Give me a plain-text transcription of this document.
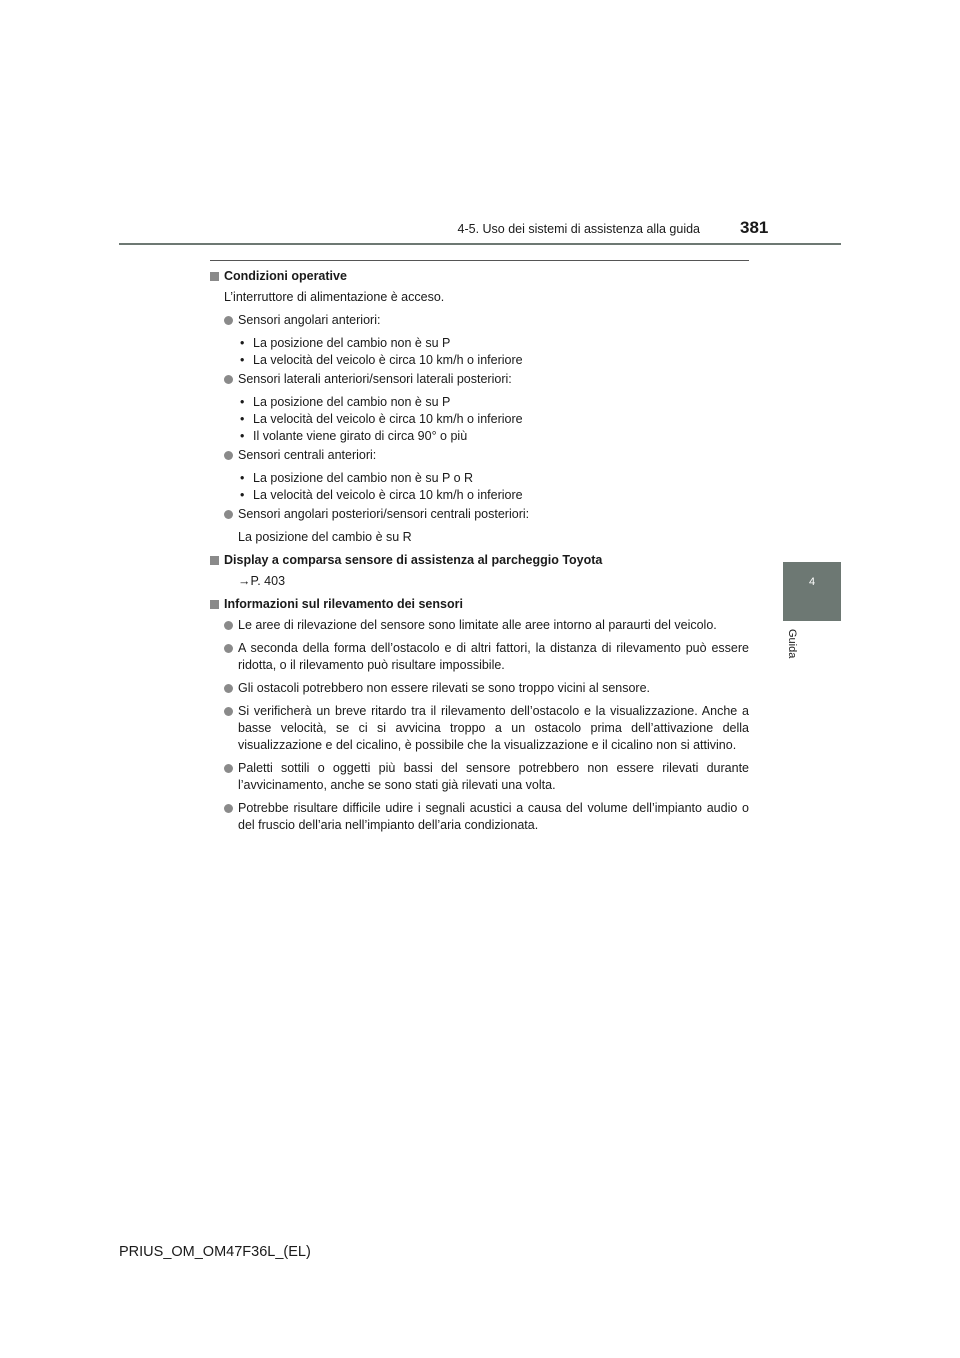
4-5. Uso dei sistemi di assistenza alla guida 381
4
Guida
Condizioni operative

L’interruttore di alimentazione è acceso.

Sensori angolari anteriori:

• La posizione del cambio non è su P

• La velocità del veicolo è circa 10 km/h o inferiore

Sensori laterali anteriori/sensori laterali posteriori:

• La posizione del cambio non è su P

• La velocità del veicolo è circa 10 km/h o inferiore

• Il volante viene girato di circa 90° o più

Sensori centrali anteriori:

• La posizione del cambio non è su P o R

• La velocità del veicolo è circa 10 km/h o inferiore

Sensori angolari posteriori/sensori centrali posteriori:

La posizione del cambio è su R

Display a comparsa sensore di assistenza al parcheggio Toyota

→P. 403

Informazioni sul rilevamento dei sensori
Le aree di rilevazione del sensore sono limitate alle aree intorno al paraurti del veicolo.
A seconda della forma dell’ostacolo e di altri fattori, la distanza di rilevamento può essere ridotta, o il rilevamento può risultare impossibile.
Gli ostacoli potrebbero non essere rilevati se sono troppo vicini al sensore.
Si verificherà un breve ritardo tra il rilevamento dell’ostacolo e la visualizzazione. Anche a basse velocità, se ci si avvicina troppo a un ostacolo prima dell’attivazione della visualizzazione e del cicalino, è possibile che la visualizzazione e il cicalino non si attivino.
Paletti sottili o oggetti più bassi del sensore potrebbero non essere rilevati durante l’avvicinamento, anche se sono stati già rilevati una volta.
Potrebbe risultare difficile udire i segnali acustici a causa del volume dell’impianto audio o del fruscio dell’aria nell’impianto dell’aria condizionata.
PRIUS_OM_OM47F36L_(EL)
